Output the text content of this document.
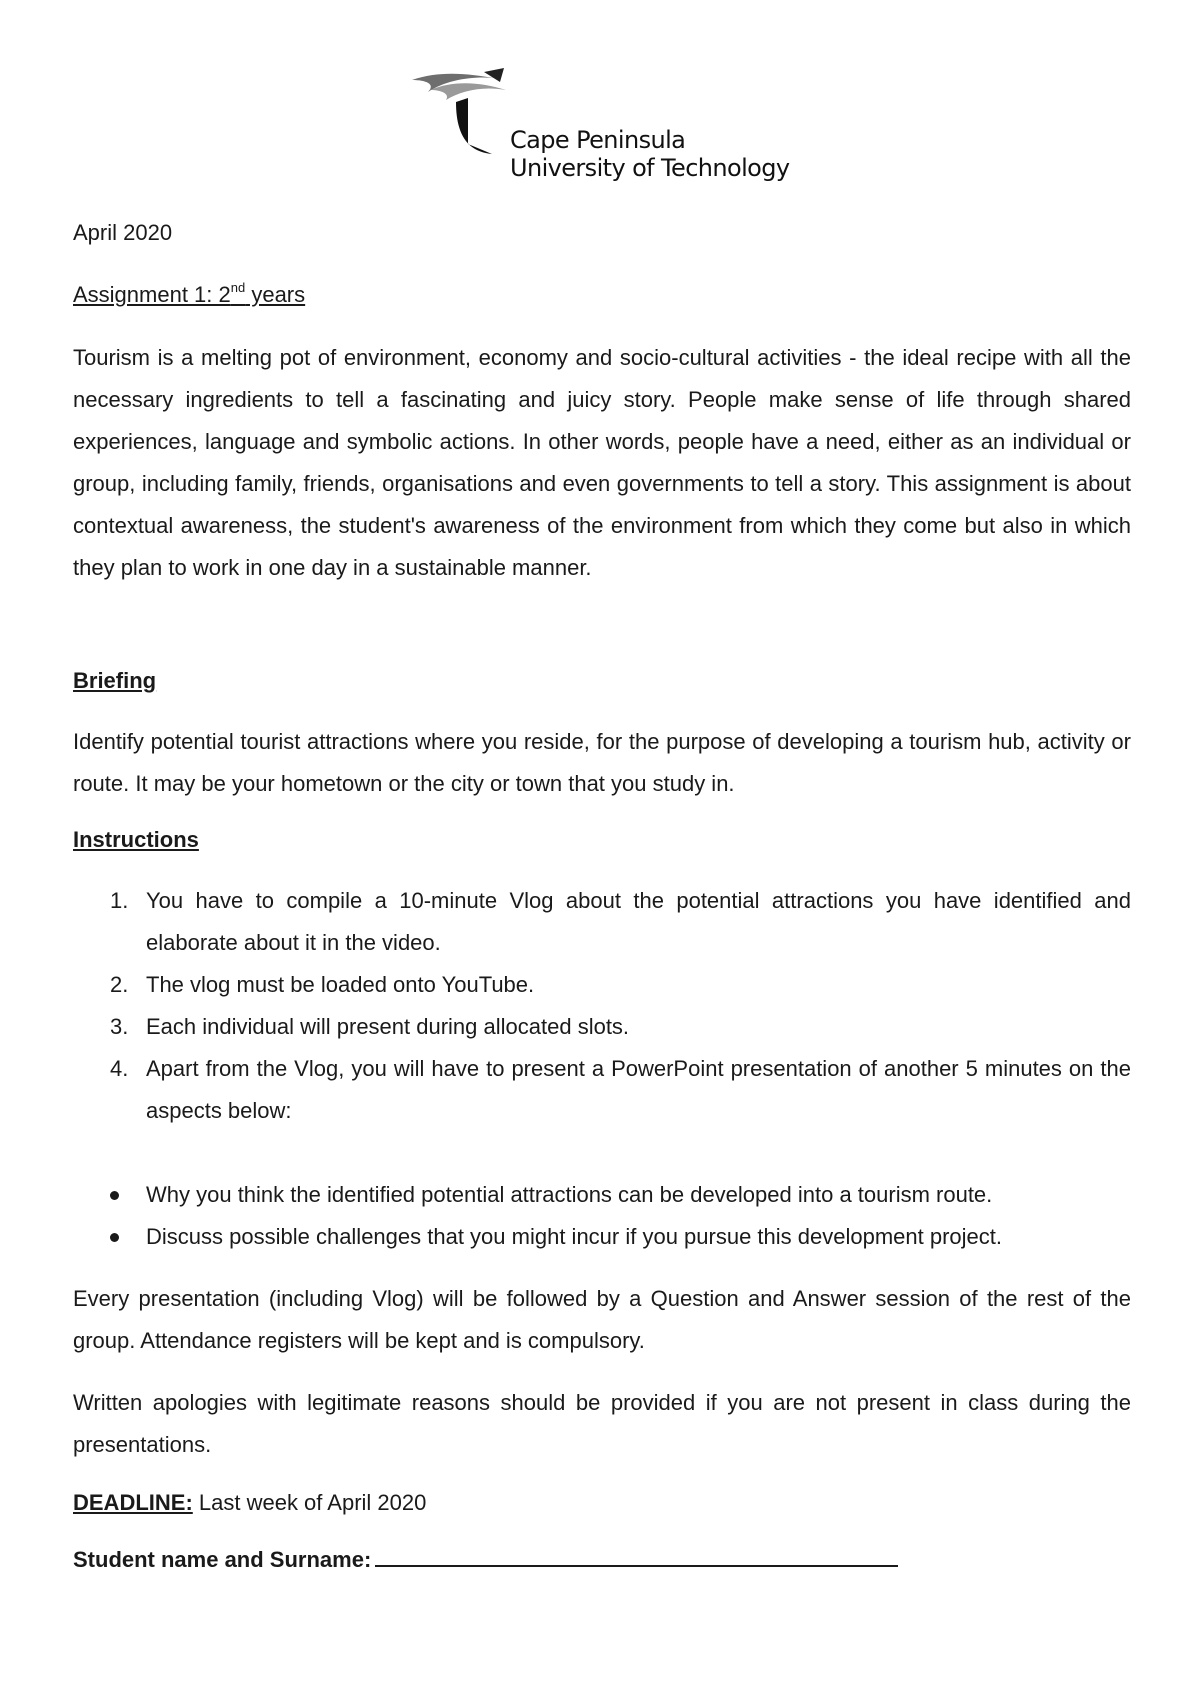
Cape Peninsula
University of Technology

April 2020

Assignment 1: 2nd years

Tourism is a melting pot of environment, economy and socio-cultural activities - the ideal recipe with all the necessary ingredients to tell a fascinating and juicy story. People make sense of life through shared experiences, language and symbolic actions. In other words, people have a need, either as an individual or group, including family, friends, organisations and even governments to tell a story. This assignment is about contextual awareness, the student's awareness of the environment from which they come but also in which they plan to work in one day in a sustainable manner.

Briefing

Identify potential tourist attractions where you reside, for the purpose of developing a tourism hub, activity or route. It may be your hometown or the city or town that you study in.

Instructions

1. You have to compile a 10-minute Vlog about the potential attractions you have identified and elaborate about it in the video.
2. The vlog must be loaded onto YouTube.
3. Each individual will present during allocated slots.
4. Apart from the Vlog, you will have to present a PowerPoint presentation of another 5 minutes on the aspects below:
Why you think the identified potential attractions can be developed into a tourism route.
Discuss possible challenges that you might incur if you pursue this development project.

Every presentation (including Vlog) will be followed by a Question and Answer session of the rest of the group. Attendance registers will be kept and is compulsory.

Written apologies with legitimate reasons should be provided if you are not present in class during the presentations.

DEADLINE: Last week of April 2020

Student name and Surname:
